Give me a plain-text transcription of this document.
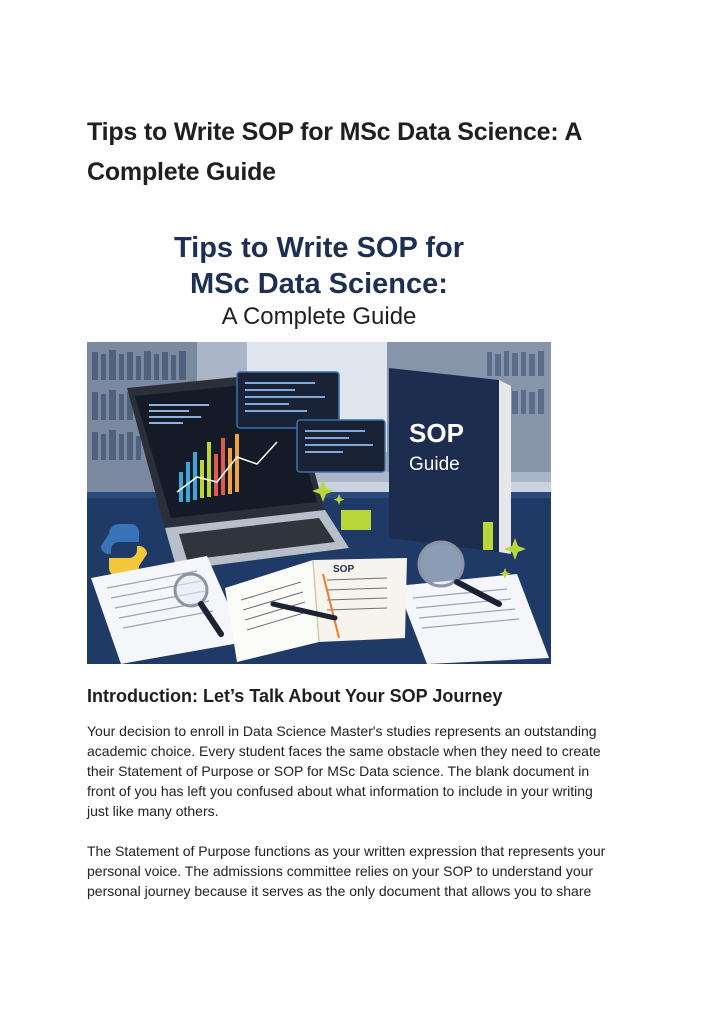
Tips to Write SOP for MSc Data Science: A Complete Guide
Tips to Write SOP for
MSc Data Science:
A Complete Guide
SOP
Guide
SOP
Introduction: Let’s Talk About Your SOP Journey

Your decision to enroll in Data Science Master's studies represents an outstanding
academic choice. Every student faces the same obstacle when they need to create
their Statement of Purpose or SOP for MSc Data science. The blank document in
front of you has left you confused about what information to include in your writing
just like many others.

The Statement of Purpose functions as your written expression that represents your
personal voice. The admissions committee relies on your SOP to understand your
personal journey because it serves as the only document that allows you to share
